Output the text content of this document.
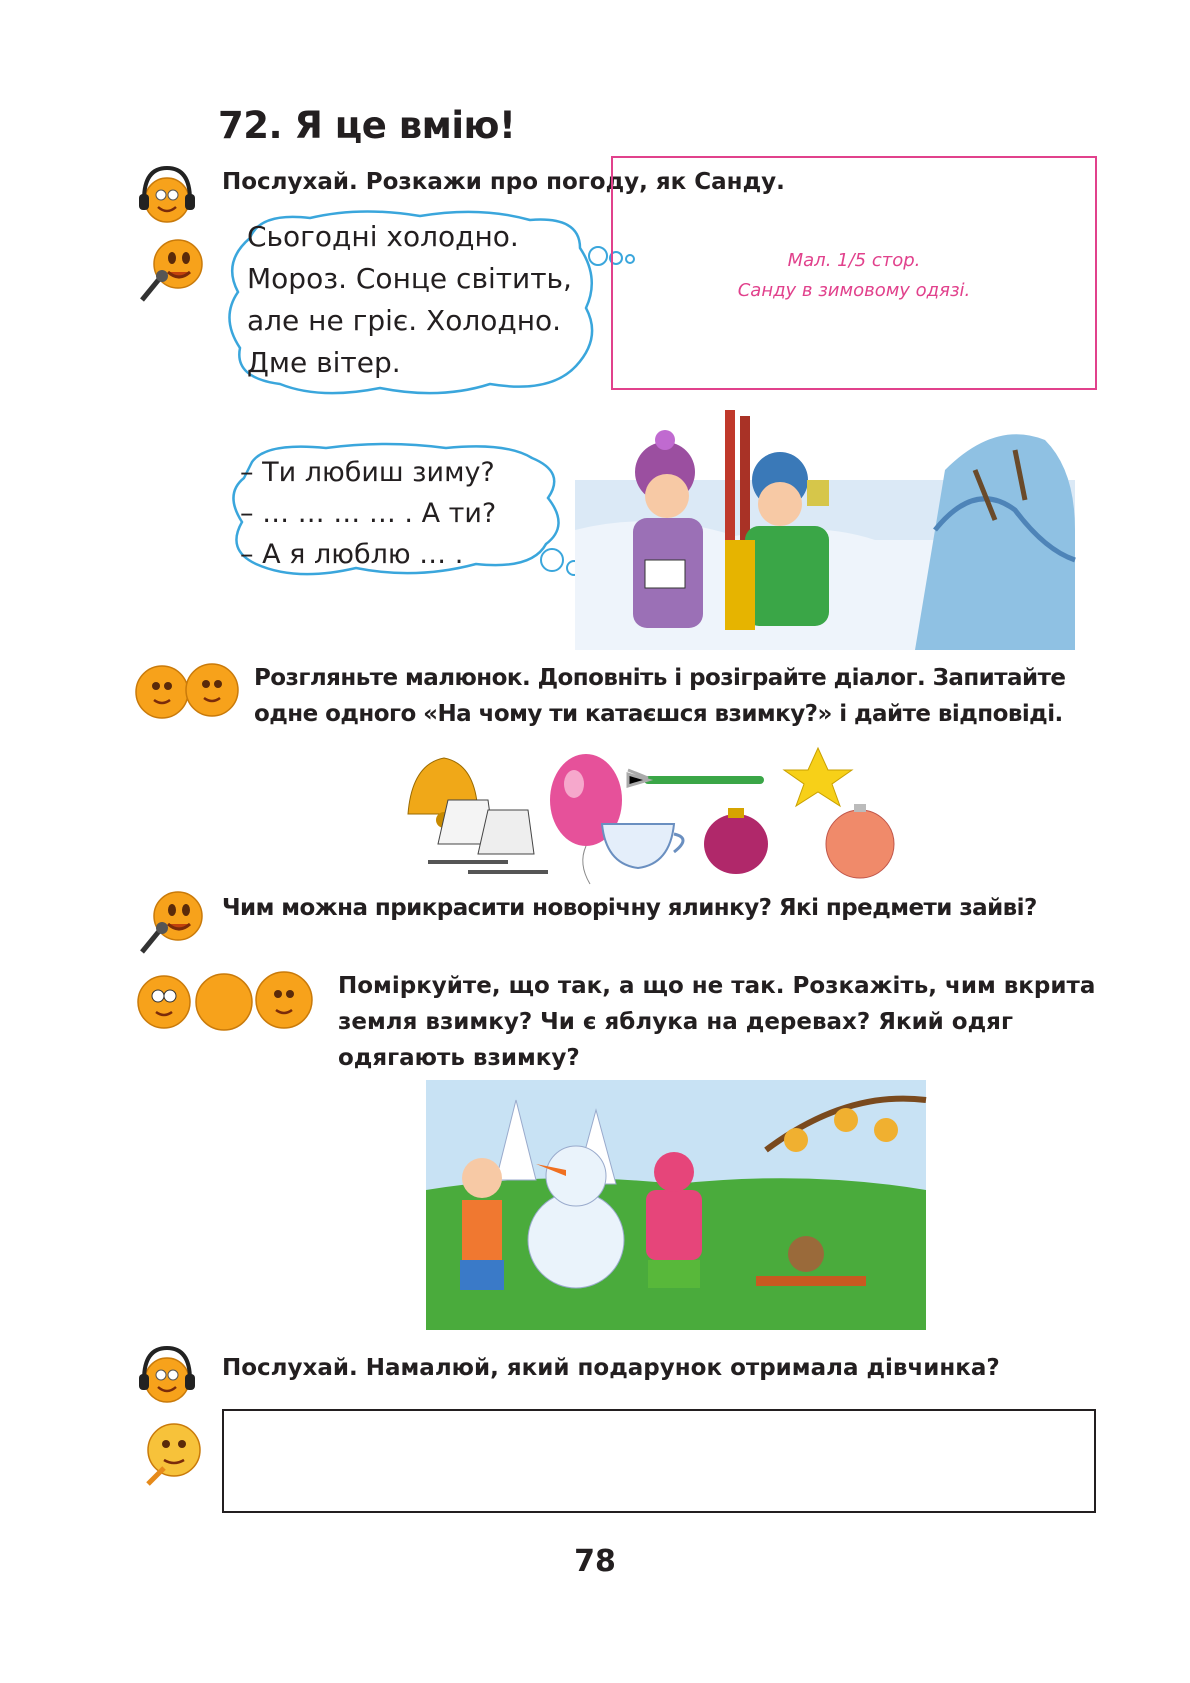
72. Я це вмію!
Послухай. Розкажи про погоду, як Санду.
Сьогодні холодно.
Мороз. Сонце світить,
але не гріє. Холодно.
Дме вітер.
Мал. 1/5 стор.
Санду в зимовому одязі.
– Ти любиш зиму?
– … … … … . А ти?
– А я люблю … .
Розгляньте малюнок. Доповніть і розіграйте діалог. Запитайте
одне одного «На чому ти катаєшся взимку?» і дайте відповіді.
Чим можна прикрасити новорічну ялинку? Які предмети зайві?
Поміркуйте, що так, а що не так. Розкажіть, чим вкрита
земля взимку? Чи є яблука на деревах? Який одяг
одягають взимку?
Послухай. Намалюй, який подарунок отримала дівчинка?
78
